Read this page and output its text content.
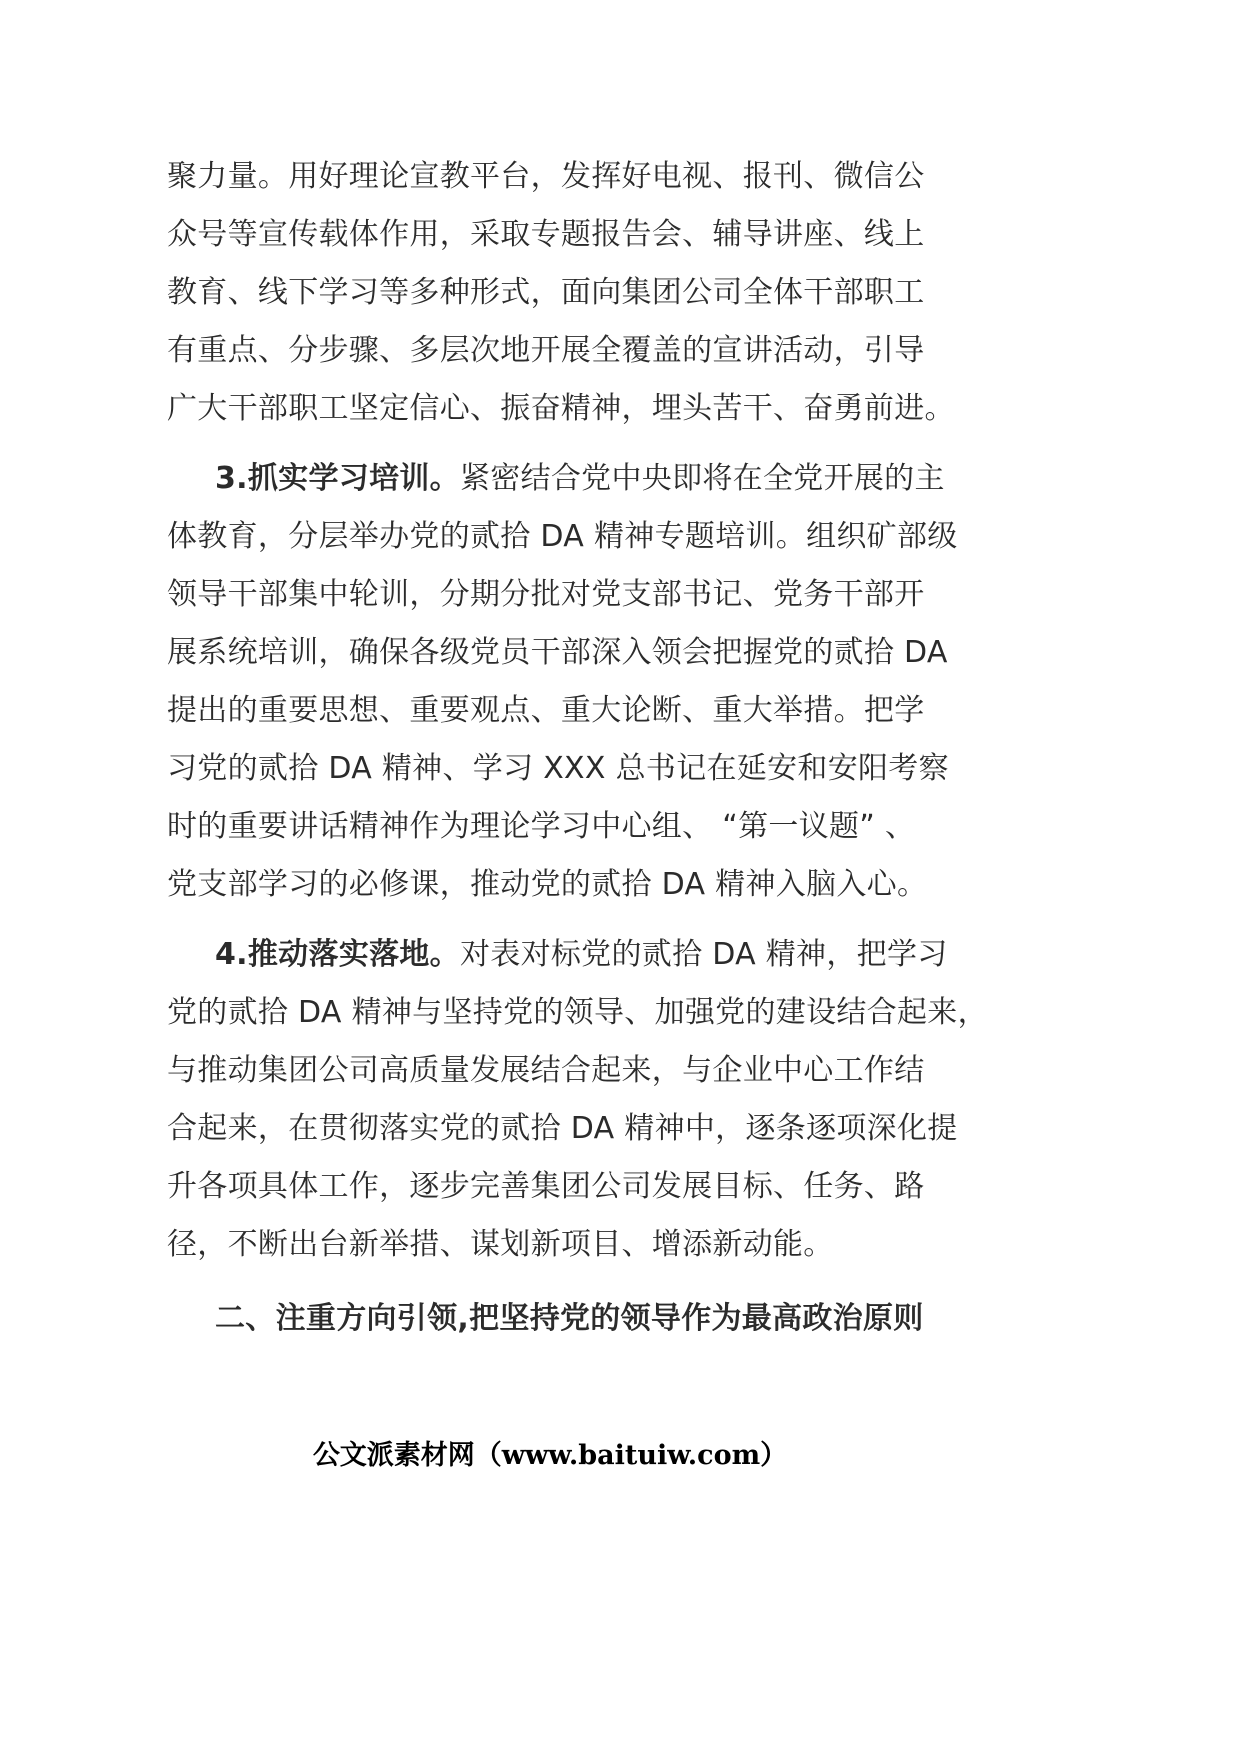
聚力量。用好理论宣教平台，发挥好电视、报刊、微信公
众号等宣传载体作用，采取专题报告会、辅导讲座、线上
教育、线下学习等多种形式，面向集团公司全体干部职工
有重点、分步骤、多层次地开展全覆盖的宣讲活动，引导
广大干部职工坚定信心、振奋精神，埋头苦干、奋勇前进。
3.抓实学习培训。紧密结合党中央即将在全党开展的主
体教育，分层举办党的贰拾 DA 精神专题培训。组织矿部级
领导干部集中轮训，分期分批对党支部书记、党务干部开
展系统培训，确保各级党员干部深入领会把握党的贰拾 DA
提出的重要思想、重要观点、重大论断、重大举措。把学
习党的贰拾 DA 精神、学习 XXX 总书记在延安和安阳考察
时的重要讲话精神作为理论学习中心组、 “第一议题” 、
党支部学习的必修课，推动党的贰拾 DA 精神入脑入心。
4.推动落实落地。对表对标党的贰拾 DA 精神，把学习
党的贰拾 DA 精神与坚持党的领导、加强党的建设结合起来，
与推动集团公司高质量发展结合起来，与企业中心工作结
合起来，在贯彻落实党的贰拾 DA 精神中，逐条逐项深化提
升各项具体工作，逐步完善集团公司发展目标、任务、路
径，不断出台新举措、谋划新项目、增添新动能。
二、注重方向引领,把坚持党的领导作为最高政治原则
公文派素材网（www.baituiw.com）
